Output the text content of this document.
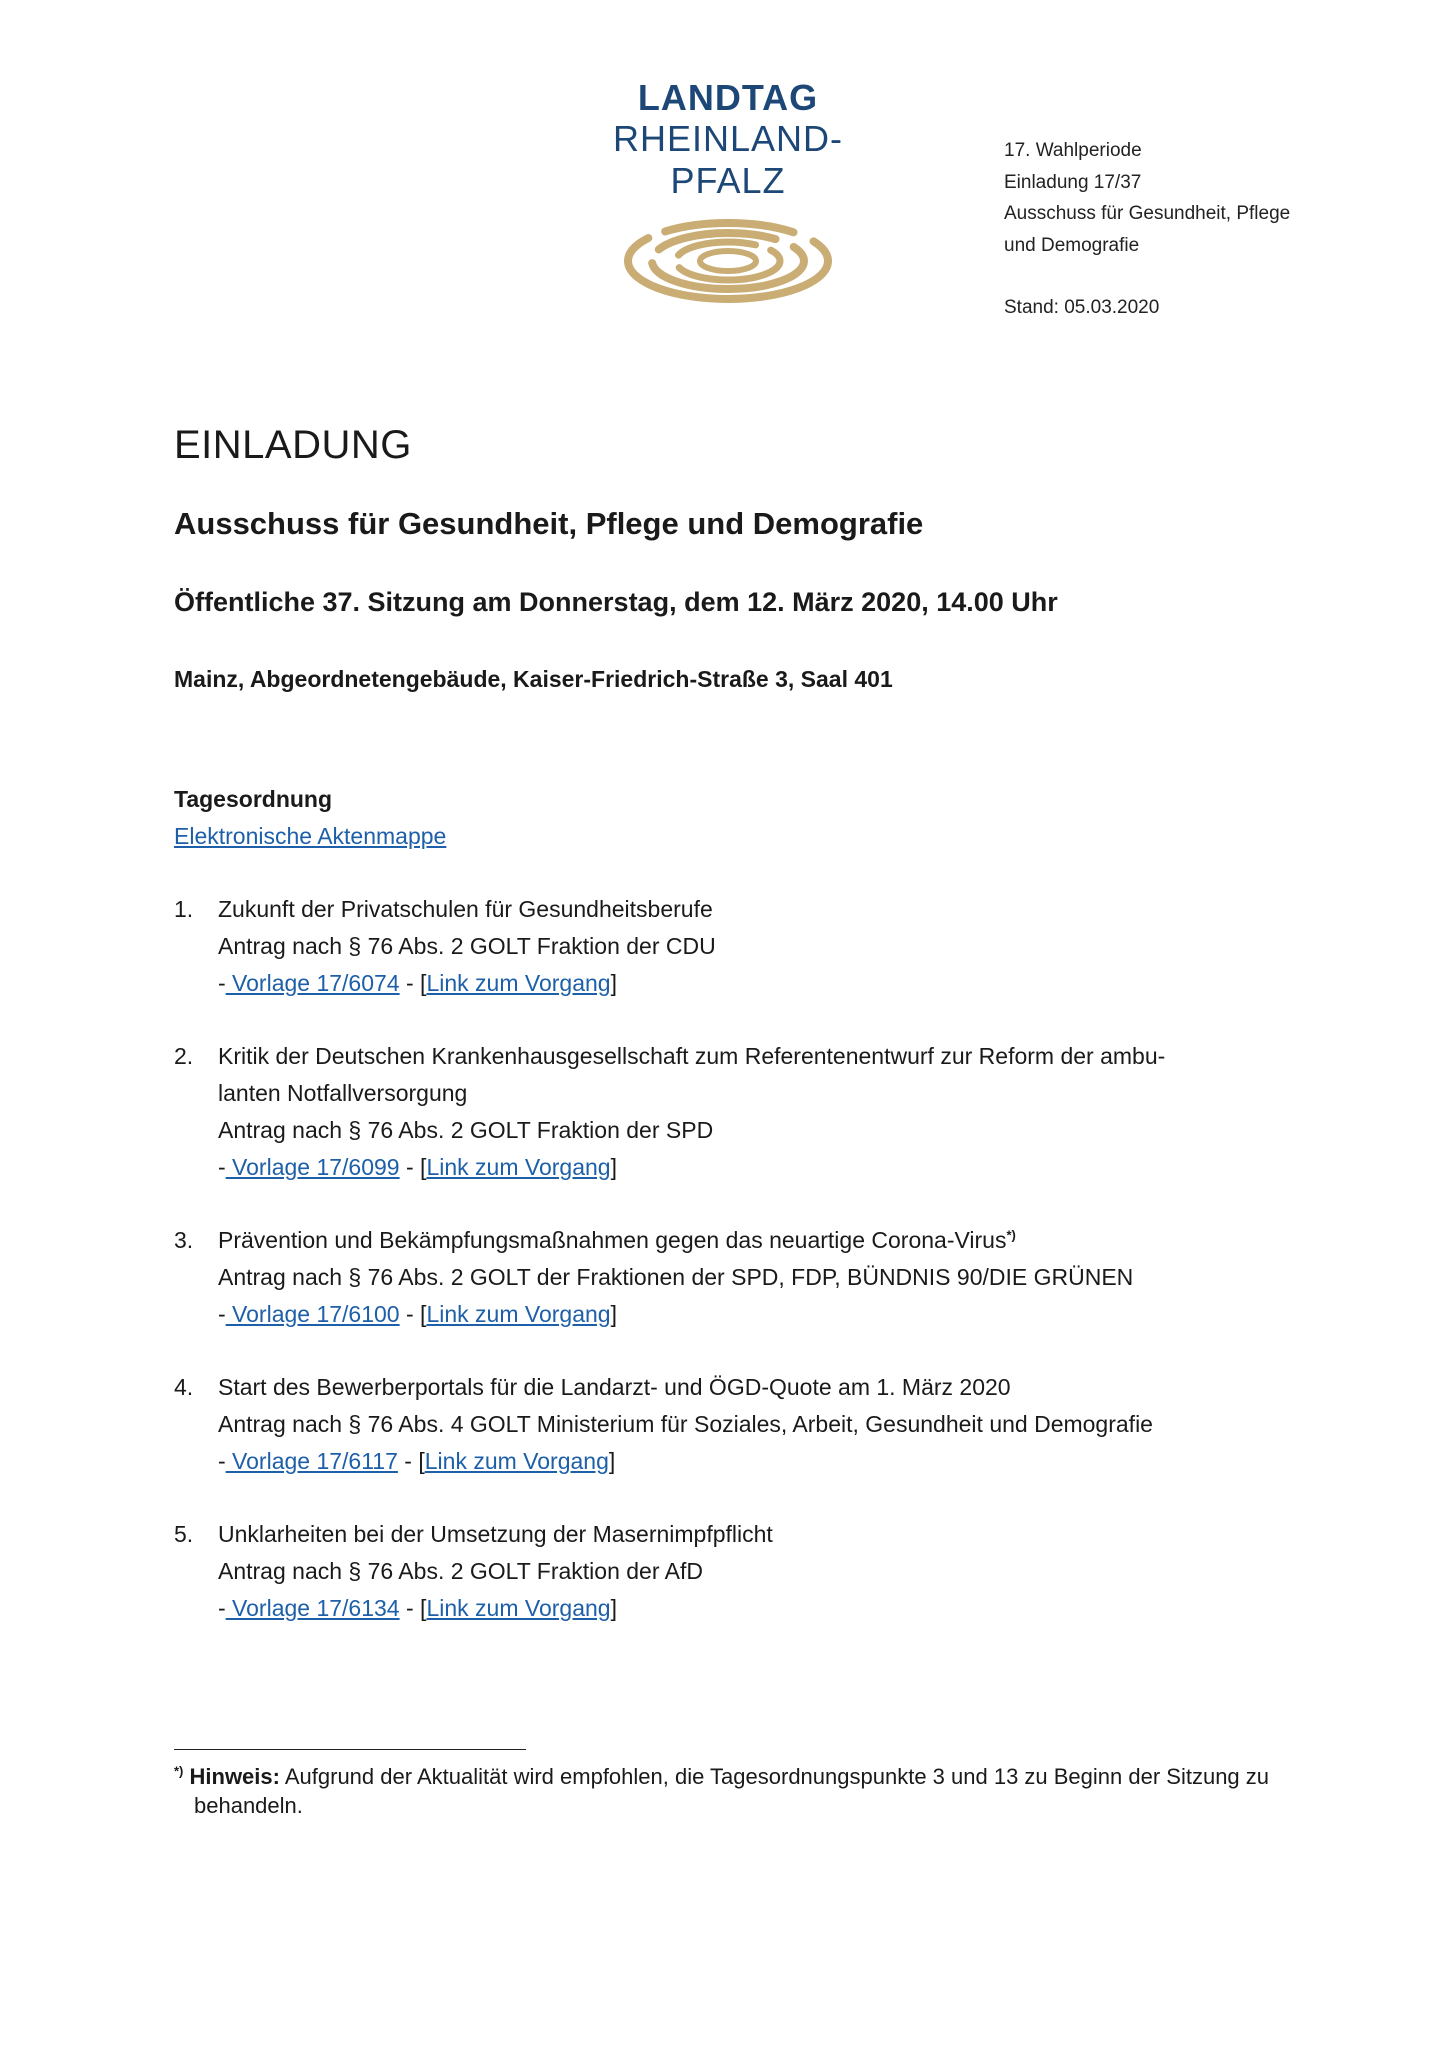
LANDTAG
RHEINLAND-PFALZ
17. Wahlperiode
Einladung 17/37
Ausschuss für Gesundheit, Pflege
und Demografie
Stand: 05.03.2020
EINLADUNG
Ausschuss für Gesundheit, Pflege und Demografie
Öffentliche 37. Sitzung am Donnerstag, dem 12. März 2020, 14.00 Uhr
Mainz, Abgeordnetengebäude, Kaiser-Friedrich-Straße 3, Saal 401
Tagesordnung
Elektronische Aktenmappe
1.	Zukunft der Privatschulen für Gesundheitsberufe
Antrag nach § 76 Abs. 2 GOLT Fraktion der CDU
- Vorlage 17/6074 - [Link zum Vorgang]
2.	Kritik der Deutschen Krankenhausgesellschaft zum Referentenentwurf zur Reform der ambu-
lanten Notfallversorgung
Antrag nach § 76 Abs. 2 GOLT Fraktion der SPD
- Vorlage 17/6099 - [Link zum Vorgang]
3.	Prävention und Bekämpfungsmaßnahmen gegen das neuartige Corona-Virus*)
Antrag nach § 76 Abs. 2 GOLT der Fraktionen der SPD, FDP, BÜNDNIS 90/DIE GRÜNEN
- Vorlage 17/6100 - [Link zum Vorgang]
4.	Start des Bewerberportals für die Landarzt- und ÖGD-Quote am 1. März 2020
Antrag nach § 76 Abs. 4 GOLT Ministerium für Soziales, Arbeit, Gesundheit und Demografie
- Vorlage 17/6117 - [Link zum Vorgang]
5.	Unklarheiten bei der Umsetzung der Masernimpfpflicht
Antrag nach § 76 Abs. 2 GOLT Fraktion der AfD
- Vorlage 17/6134 - [Link zum Vorgang]
*) Hinweis: Aufgrund der Aktualität wird empfohlen, die Tagesordnungspunkte 3 und 13 zu Beginn der Sitzung zu behandeln.
